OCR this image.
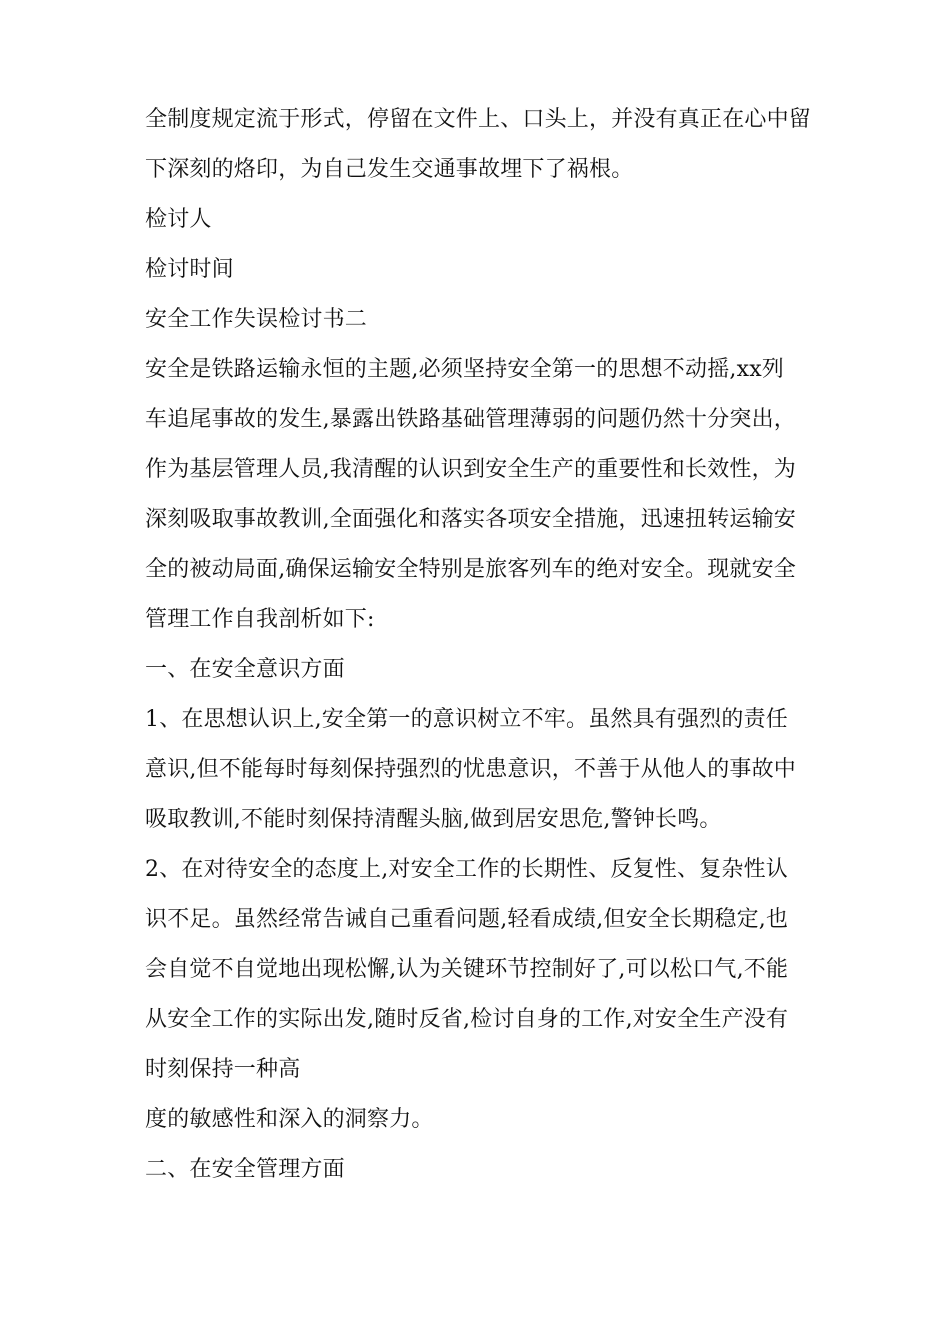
全制度规定流于形式，停留在文件上、口头上，并没有真正在心中留
下深刻的烙印，为自己发生交通事故埋下了祸根。
检讨人
检讨时间
安全工作失误检讨书二
安全是铁路运输永恒的主题,必须坚持安全第一的思想不动摇,xx列
车追尾事故的发生,暴露出铁路基础管理薄弱的问题仍然十分突出，
作为基层管理人员,我清醒的认识到安全生产的重要性和长效性，为
深刻吸取事故教训,全面强化和落实各项安全措施，迅速扭转运输安
全的被动局面,确保运输安全特别是旅客列车的绝对安全。现就安全
管理工作自我剖析如下:
一、在安全意识方面
1、在思想认识上,安全第一的意识树立不牢。虽然具有强烈的责任
意识,但不能每时每刻保持强烈的忧患意识，不善于从他人的事故中
吸取教训,不能时刻保持清醒头脑,做到居安思危,警钟长鸣。
2、在对待安全的态度上,对安全工作的长期性、反复性、复杂性认
识不足。虽然经常告诫自己重看问题,轻看成绩,但安全长期稳定,也
会自觉不自觉地出现松懈,认为关键环节控制好了,可以松口气,不能
从安全工作的实际出发,随时反省,检讨自身的工作,对安全生产没有
时刻保持一种高
度的敏感性和深入的洞察力。
二、在安全管理方面
